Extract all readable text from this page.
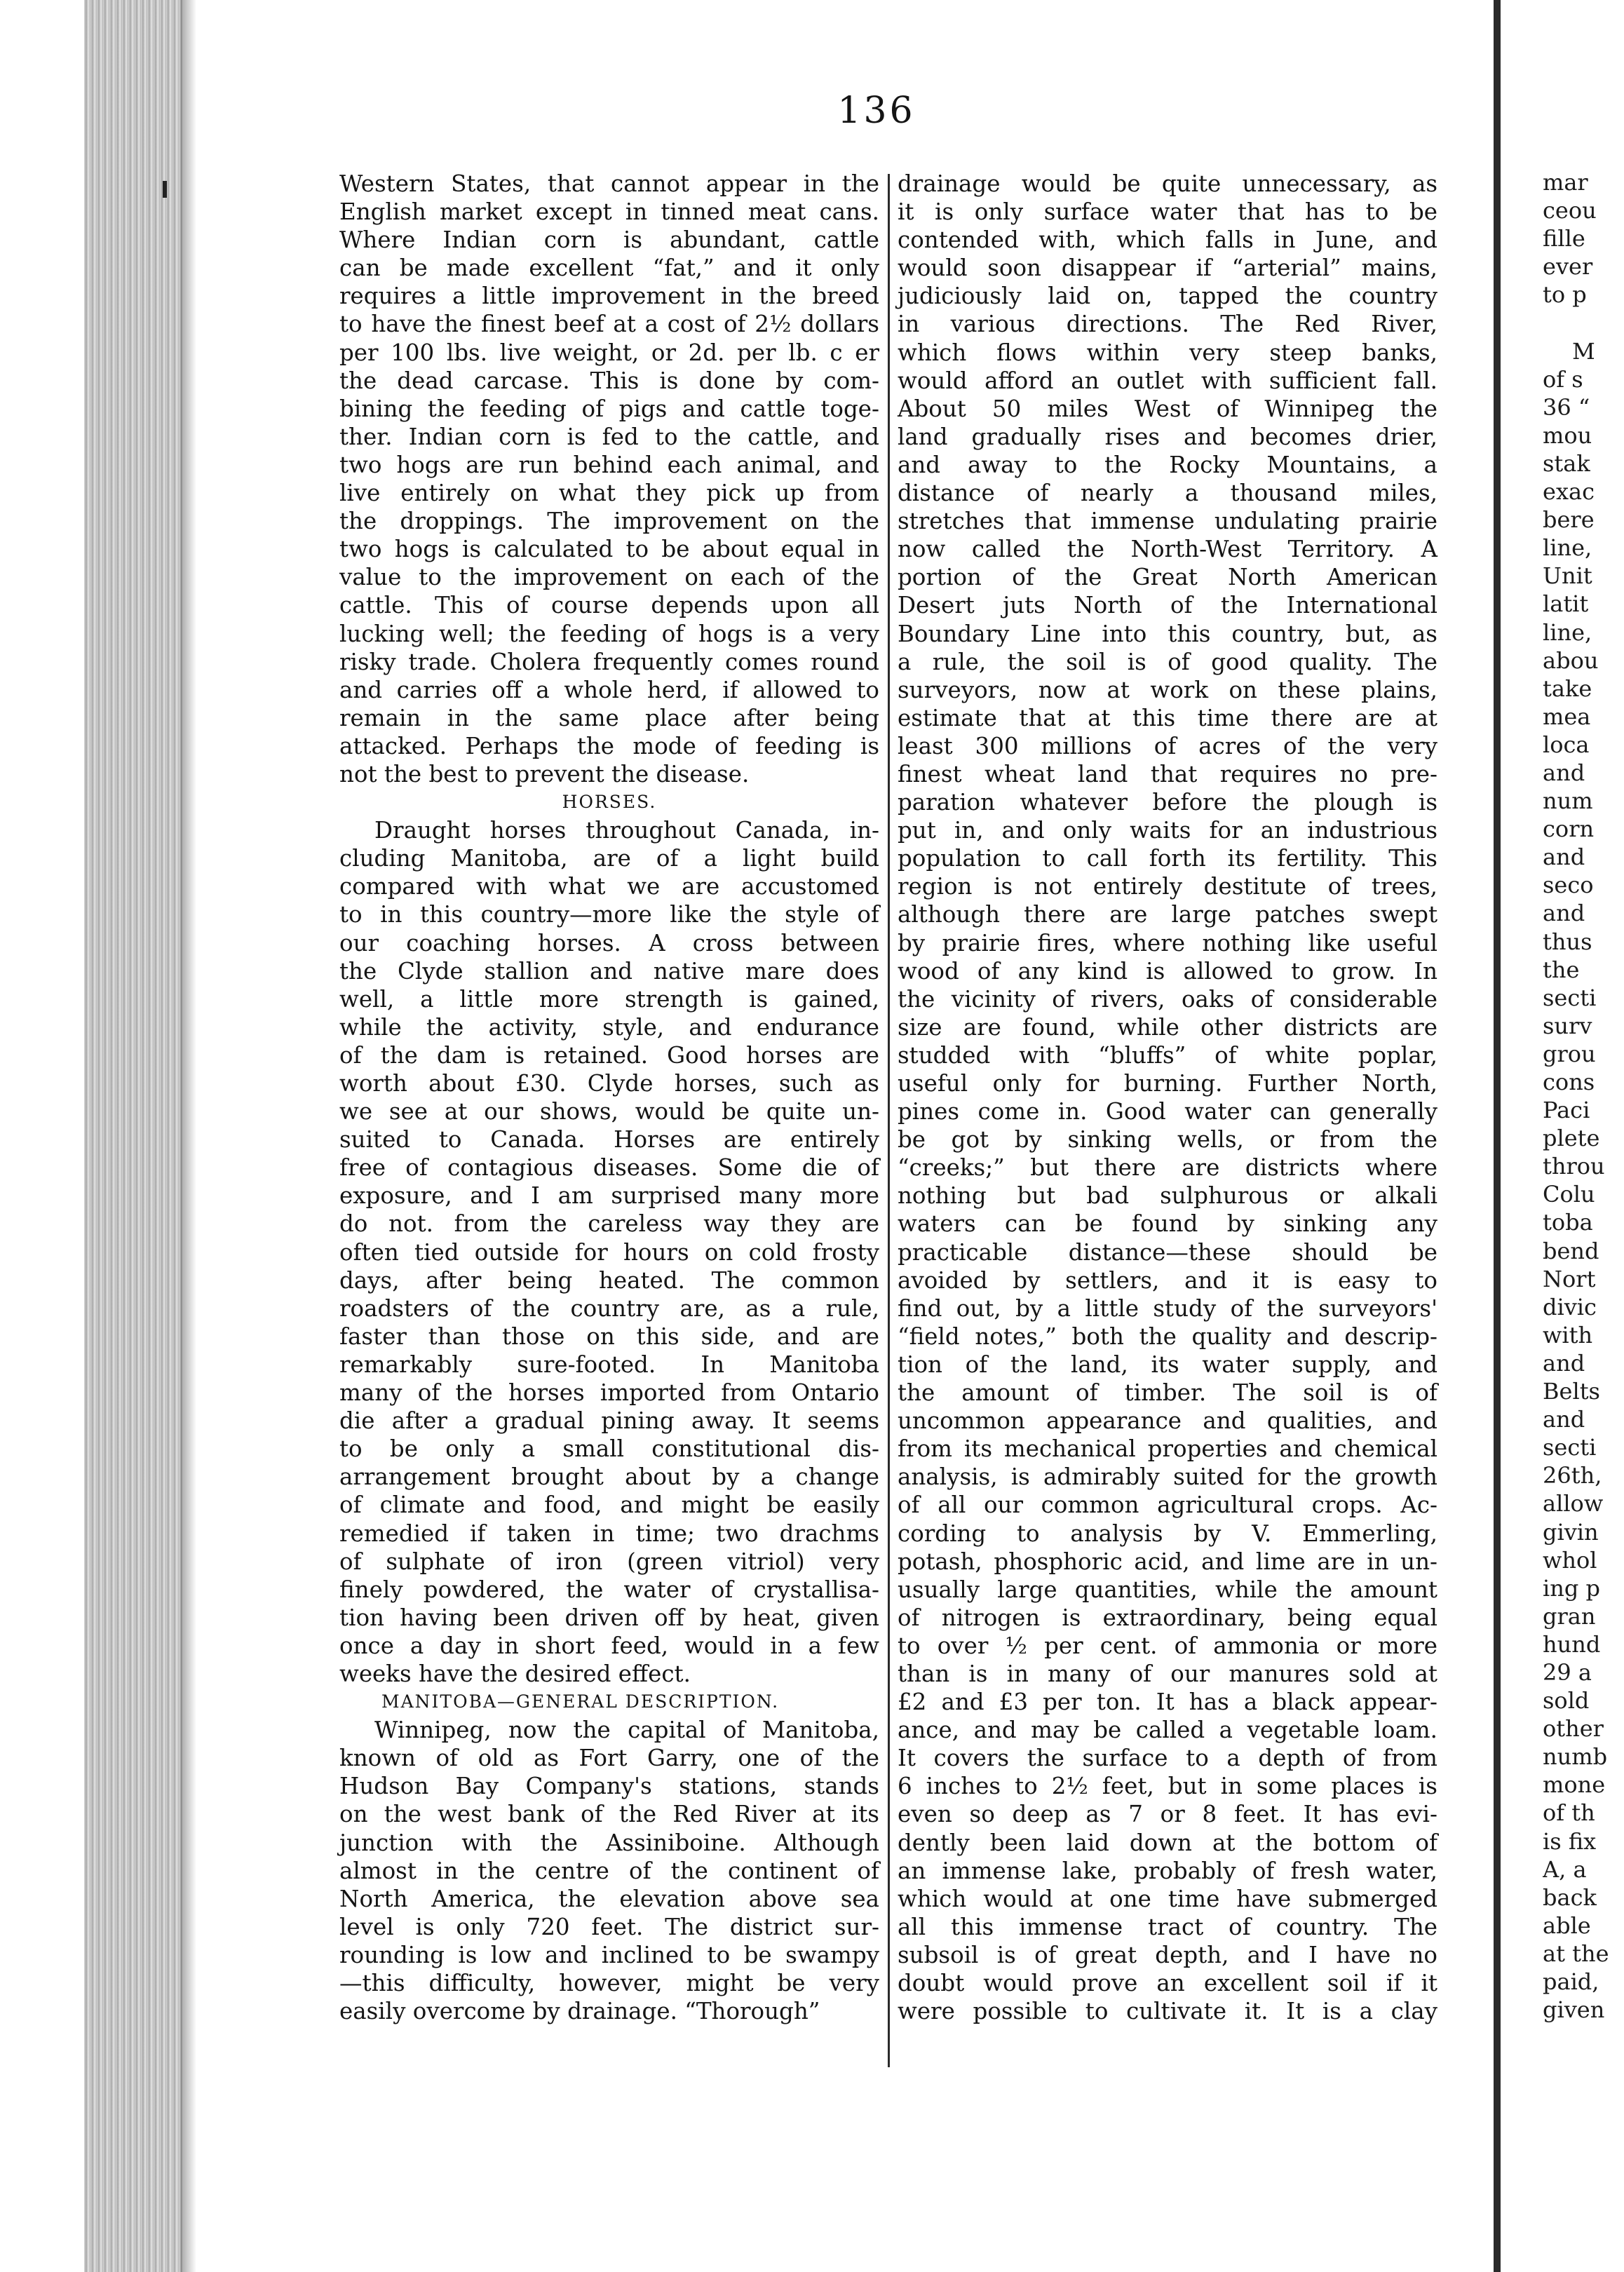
136
Western States, that cannot appear in the
English market except in tinned meat cans.
Where Indian corn is abundant, cattle
can be made excellent “fat,” and it only
requires a little improvement in the breed
to have the finest beef at a cost of 2½ dollars
per 100 lbs. live weight, or 2d. per lb. c er
the dead carcase. This is done by com-
bining the feeding of pigs and cattle toge-
ther. Indian corn is fed to the cattle, and
two hogs are run behind each animal, and
live entirely on what they pick up from
the droppings. The improvement on the
two hogs is calculated to be about equal in
value to the improvement on each of the
cattle. This of course depends upon all
lucking well; the feeding of hogs is a very
risky trade. Cholera frequently comes round
and carries off a whole herd, if allowed to
remain in the same place after being
attacked. Perhaps the mode of feeding is
not the best to prevent the disease.
HORSES.
Draught horses throughout Canada, in-
cluding Manitoba, are of a light build
compared with what we are accustomed
to in this country—more like the style of
our coaching horses. A cross between
the Clyde stallion and native mare does
well, a little more strength is gained,
while the activity, style, and endurance
of the dam is retained. Good horses are
worth about £30. Clyde horses, such as
we see at our shows, would be quite un-
suited to Canada. Horses are entirely
free of contagious diseases. Some die of
exposure, and I am surprised many more
do not. from the careless way they are
often tied outside for hours on cold frosty
days, after being heated. The common
roadsters of the country are, as a rule,
faster than those on this side, and are
remarkably sure-footed. In Manitoba
many of the horses imported from Ontario
die after a gradual pining away. It seems
to be only a small constitutional dis-
arrangement brought about by a change
of climate and food, and might be easily
remedied if taken in time; two drachms
of sulphate of iron (green vitriol) very
finely powdered, the water of crystallisa-
tion having been driven off by heat, given
once a day in short feed, would in a few
weeks have the desired effect.
MANITOBA—GENERAL DESCRIPTION.
Winnipeg, now the capital of Manitoba,
known of old as Fort Garry, one of the
Hudson Bay Company's stations, stands
on the west bank of the Red River at its
junction with the Assiniboine. Although
almost in the centre of the continent of
North America, the elevation above sea
level is only 720 feet. The district sur-
rounding is low and inclined to be swampy
—this difficulty, however, might be very
easily overcome by drainage. “Thorough”
drainage would be quite unnecessary, as
it is only surface water that has to be
contended with, which falls in June, and
would soon disappear if “arterial” mains,
judiciously laid on, tapped the country
in various directions. The Red River,
which flows within very steep banks,
would afford an outlet with sufficient fall.
About 50 miles West of Winnipeg the
land gradually rises and becomes drier,
and away to the Rocky Mountains, a
distance of nearly a thousand miles,
stretches that immense undulating prairie
now called the North-West Territory. A
portion of the Great North American
Desert juts North of the International
Boundary Line into this country, but, as
a rule, the soil is of good quality. The
surveyors, now at work on these plains,
estimate that at this time there are at
least 300 millions of acres of the very
finest wheat land that requires no pre-
paration whatever before the plough is
put in, and only waits for an industrious
population to call forth its fertility. This
region is not entirely destitute of trees,
although there are large patches swept
by prairie fires, where nothing like useful
wood of any kind is allowed to grow. In
the vicinity of rivers, oaks of considerable
size are found, while other districts are
studded with “bluffs” of white poplar,
useful only for burning. Further North,
pines come in. Good water can generally
be got by sinking wells, or from the
“creeks;” but there are districts where
nothing but bad sulphurous or alkali
waters can be found by sinking any
practicable distance—these should be
avoided by settlers, and it is easy to
find out, by a little study of the surveyors'
“field notes,” both the quality and descrip-
tion of the land, its water supply, and
the amount of timber. The soil is of
uncommon appearance and qualities, and
from its mechanical properties and chemical
analysis, is admirably suited for the growth
of all our common agricultural crops. Ac-
cording to analysis by V. Emmerling,
potash, phosphoric acid, and lime are in un-
usually large quantities, while the amount
of nitrogen is extraordinary, being equal
to over ½ per cent. of ammonia or more
than is in many of our manures sold at
£2 and £3 per ton. It has a black appear-
ance, and may be called a vegetable loam.
It covers the surface to a depth of from
6 inches to 2½ feet, but in some places is
even so deep as 7 or 8 feet. It has evi-
dently been laid down at the bottom of
an immense lake, probably of fresh water,
which would at one time have submerged
all this immense tract of country. The
subsoil is of great depth, and I have no
doubt would prove an excellent soil if it
were possible to cultivate it. It is a clay
mar
ceou
fille
ever
to p
M
of s
36 “
mou
stak
exac
bere
line,
Unit
latit
line,
abou
take
mea
loca
and
num
corn
and
seco
and
thus
the
secti
surv
grou
cons
Paci
plete
throu
Colu
toba
bend
Nort
divic
with
and
Belts
and
secti
26th,
allow
givin
whol
ing p
gran
hund
29 a
sold
other
numb
mone
of th
is fix
A, a
back
able
at the
paid,
given
